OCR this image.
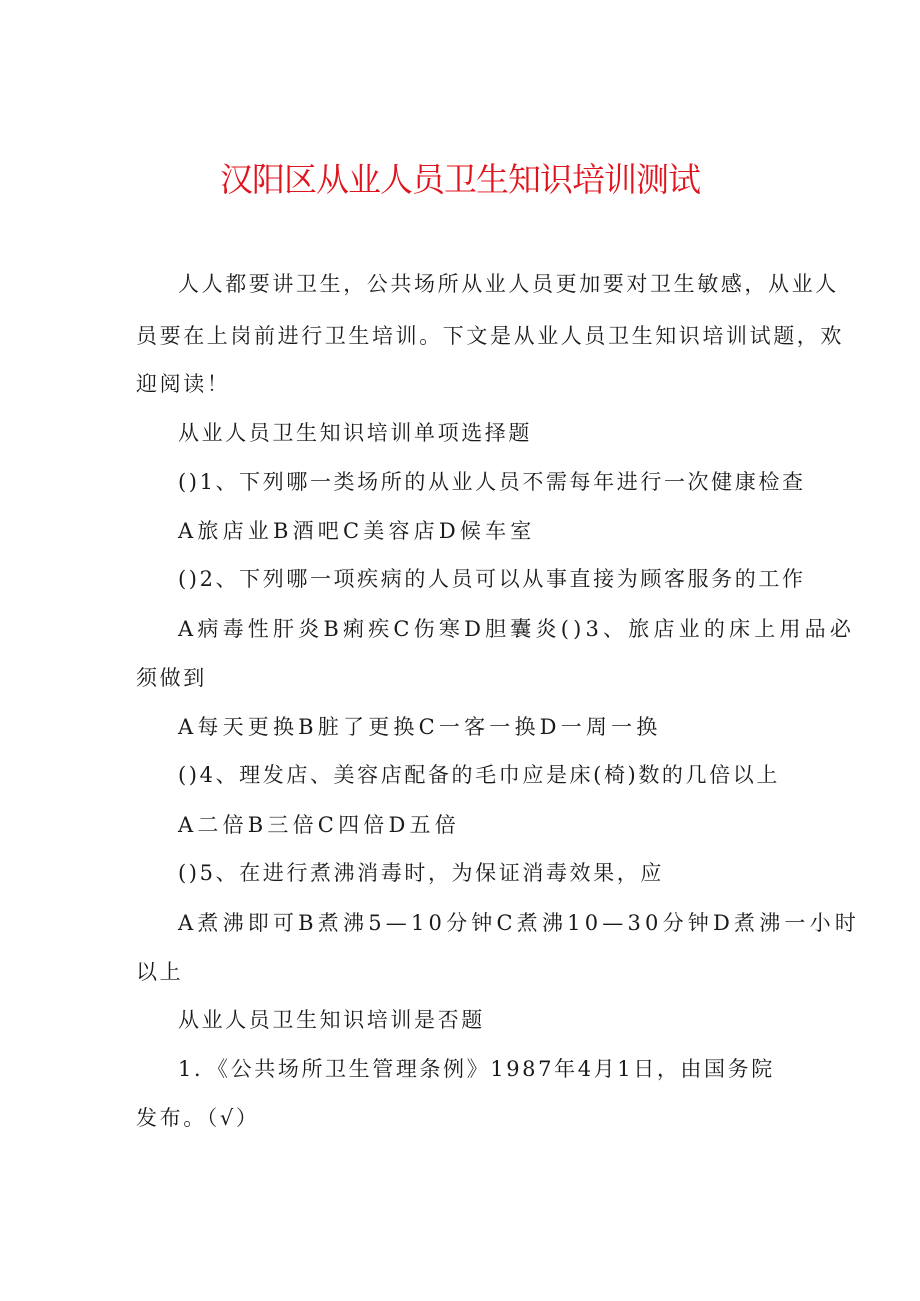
汉阳区从业人员卫生知识培训测试
人人都要讲卫生，公共场所从业人员更加要对卫生敏感，从业人
员要在上岗前进行卫生培训。下文是从业人员卫生知识培训试题，欢
迎阅读！
从业人员卫生知识培训单项选择题
()1、下列哪一类场所的从业人员不需每年进行一次健康检查
A旅店业B酒吧C美容店D候车室
()2、下列哪一项疾病的人员可以从事直接为顾客服务的工作
A病毒性肝炎B痢疾C伤寒D胆囊炎()3、旅店业的床上用品必
须做到
A每天更换B脏了更换C一客一换D一周一换
()4、理发店、美容店配备的毛巾应是床(椅)数的几倍以上
A二倍B三倍C四倍D五倍
()5、在进行煮沸消毒时，为保证消毒效果，应
A煮沸即可B煮沸5—10分钟C煮沸10—30分钟D煮沸一小时
以上
从业人员卫生知识培训是否题
1．《公共场所卫生管理条例》1987年4月1日，由国务院
发布。（√）
